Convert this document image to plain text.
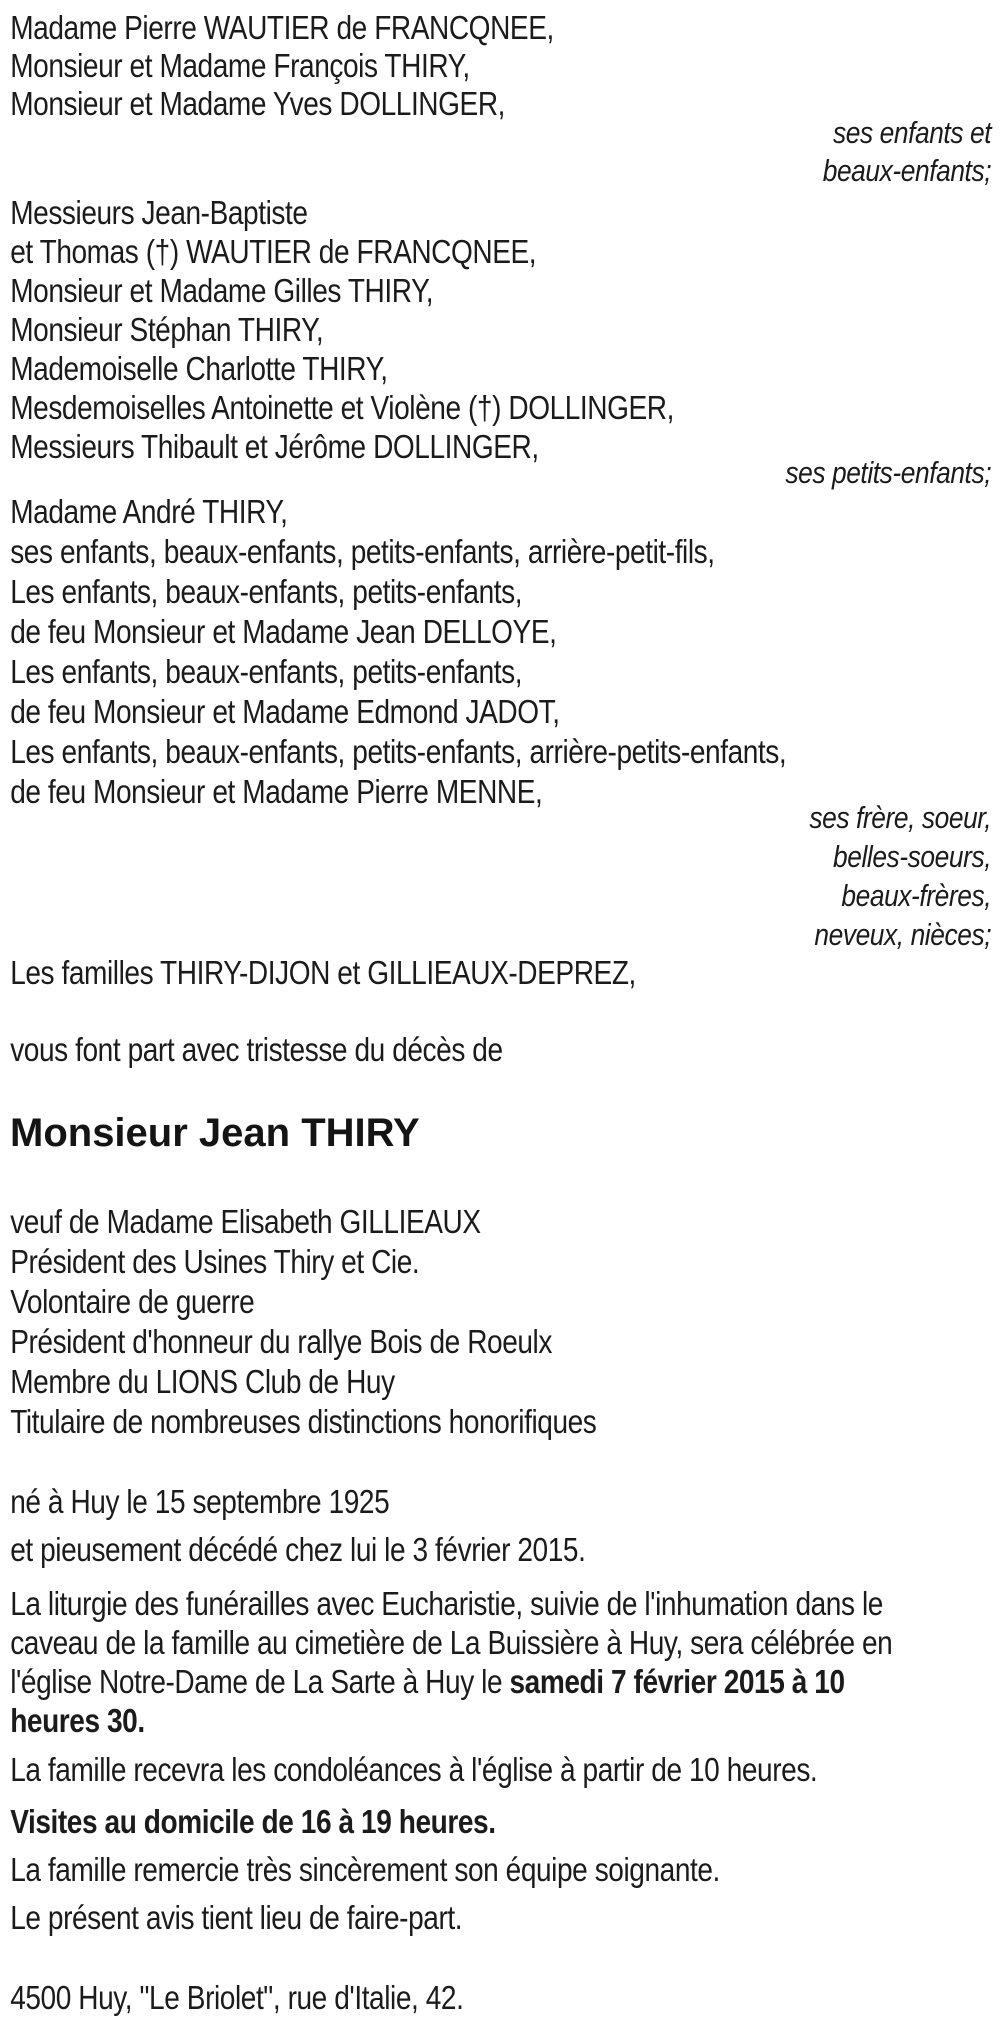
Madame Pierre WAUTIER de FRANCQNEE,
Monsieur et Madame François THIRY,
Monsieur et Madame Yves DOLLINGER,
ses enfants et
beaux-enfants;
Messieurs Jean-Baptiste
et Thomas (†) WAUTIER de FRANCQNEE,
Monsieur et Madame Gilles THIRY,
Monsieur Stéphan THIRY,
Mademoiselle Charlotte THIRY,
Mesdemoiselles Antoinette et Violène (†) DOLLINGER,
Messieurs Thibault et Jérôme DOLLINGER,
ses petits-enfants;
Madame André THIRY,
ses enfants, beaux-enfants, petits-enfants, arrière-petit-fils,
Les enfants, beaux-enfants, petits-enfants,
de feu Monsieur et Madame Jean DELLOYE,
Les enfants, beaux-enfants, petits-enfants,
de feu Monsieur et Madame Edmond JADOT,
Les enfants, beaux-enfants, petits-enfants, arrière-petits-enfants,
de feu Monsieur et Madame Pierre MENNE,
ses frère, soeur,
belles-soeurs,
beaux-frères,
neveux, nièces;
Les familles THIRY-DIJON et GILLIEAUX-DEPREZ,
vous font part avec tristesse du décès de
veuf de Madame Elisabeth GILLIEAUX
Président des Usines Thiry et Cie.
Volontaire de guerre
Président d'honneur du rallye Bois de Roeulx
Membre du LIONS Club de Huy
Titulaire de nombreuses distinctions honorifiques
né à Huy le 15 septembre 1925
et pieusement décédé chez lui le 3 février 2015.
La liturgie des funérailles avec Eucharistie, suivie de l'inhumation dans le
caveau de la famille au cimetière de La Buissière à Huy, sera célébrée en
l'église Notre-Dame de La Sarte à Huy le samedi 7 février 2015 à 10
heures 30.
La famille recevra les condoléances à l'église à partir de 10 heures.
Visites au domicile de 16 à 19 heures.
La famille remercie très sincèrement son équipe soignante.
Le présent avis tient lieu de faire-part.
4500 Huy, "Le Briolet", rue d'Italie, 42.
Monsieur Jean THIRY
